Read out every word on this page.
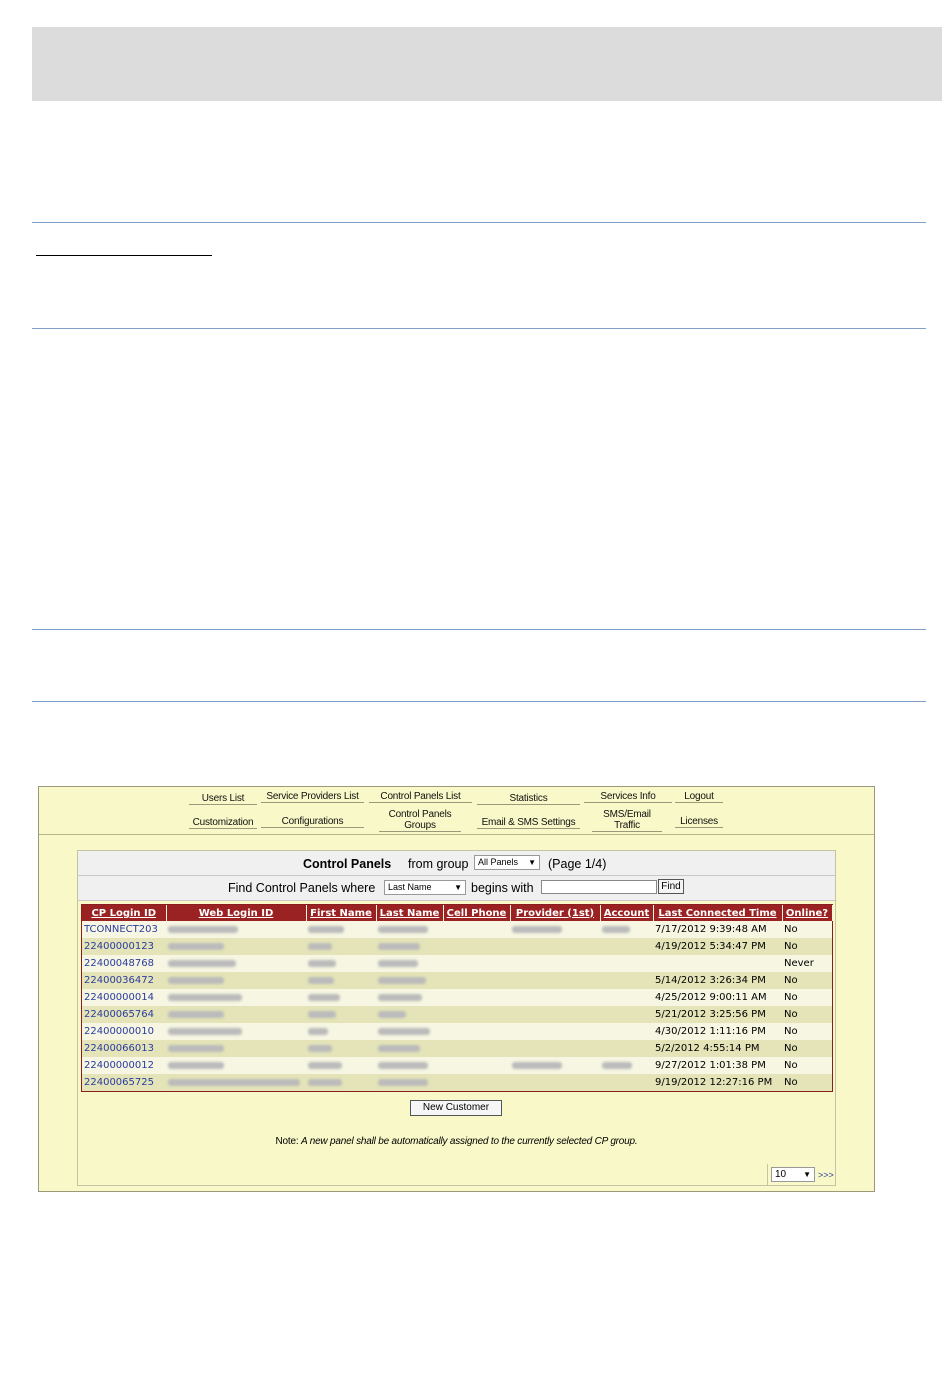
Users List	Service Providers List	Control Panels List	Statistics	Services Info	Logout
Customization	Configurations
Control Panels Groups	Email & SMS Settings
SMS/Email Traffic	Licenses
Control Panels from group	All Panels ▼ (Page 1/4)
Find Control Panels where	Last Name	▼ begins with	Find
CP Login ID	Web Login ID	First Name	Last Name	Cell Phone	Provider (1st)	Account	Last Connected Time	Online?
TCONNECT203							7/17/2012 9:39:48 AM	No
22400000123							4/19/2012 5:34:47 PM	No
22400048768								Never
22400036472							5/14/2012 3:26:34 PM	No
22400000014							4/25/2012 9:00:11 AM	No
22400065764							5/21/2012 3:25:56 PM	No
22400000010							4/30/2012 1:11:16 PM	No
22400066013							5/2/2012 4:55:14 PM	No
22400000012							9/27/2012 1:01:38 PM	No
22400065725							9/19/2012 12:27:16 PM	No
New Customer
Note: A new panel shall be automatically assigned to the currently selected CP group.
10 ▼ >>>
